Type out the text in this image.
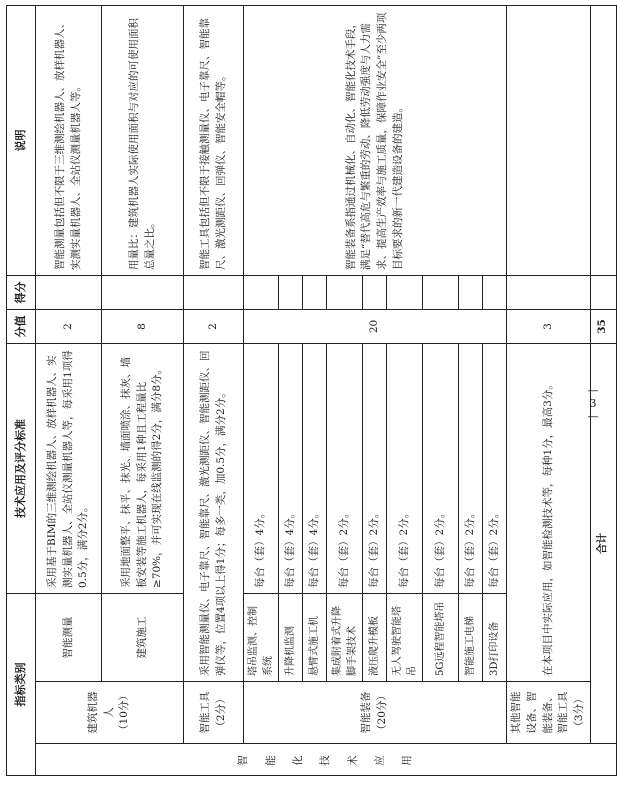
指标类别			技术应用及评分标准	分值	得分	说明
智能化技术应用	建筑机器人 （10分）	智能测量	采用基于BIM的三维测绘机器人、放样机器人、实测实量机器人、全站仪测量机器人等，每采用1项得0.5分，满分2分。	2		智能测量包括但不限于三维测绘机器人、放样机器人、实测实量机器人、全站仪测量机器人等。
		建筑施工	采用地面整平、抹平、抹光、墙面喷涂、抹灰、墙板安装等施工机器人，每采用1种且工程量比≥70%，并可实现在线监测的得2分，满分8分。	8		用量比：建筑机器人实际使用面积与对应的可使用面积总量之比。
	智能工具 （2分）	采用智能测量仪、电子靠尺、智能靠尺、激光测距仪、智能测距仪、回弹仪等，位置4项以上得1分；每多一类，加0.5分，满分2分。		2		智能工具包括但不限于接触测量仪、电子靠尺、智能靠尺、激光测距仪、回弹仪、智能安全帽等。
	智能装备 （20分）	塔吊监测、控制系统	每台（套）4分。	20		智能装备系指通过机械化、自动化、智能化技术手段，满足“替代高危与繁重的劳动、降低劳动强度与人力需求、提高生产效率与施工质量，保障作业安全”至少两项目标要求的新一代建造设备的建造。
		升降机监测	每台（套）4分。			
		悬臂式施工机	每台（套）4分。			
		集成附着式升降脚手架技术	每台（套）2分。			
		液压爬升模板	每台（套）2分。			
		无人驾驶智能塔吊	每台（套）2分。			
		5G远程智能塔吊	每台（套）2分。			
		智能施工电梯	每台（套）2分。			
		3D打印设备	每台（套）2分。			
	其他智能设备、智能装备、智能工具 （3分）	在本项目中实际应用，如智能检测技术等，每种1分，最高3分。		3		
	合计			35		
—3—
